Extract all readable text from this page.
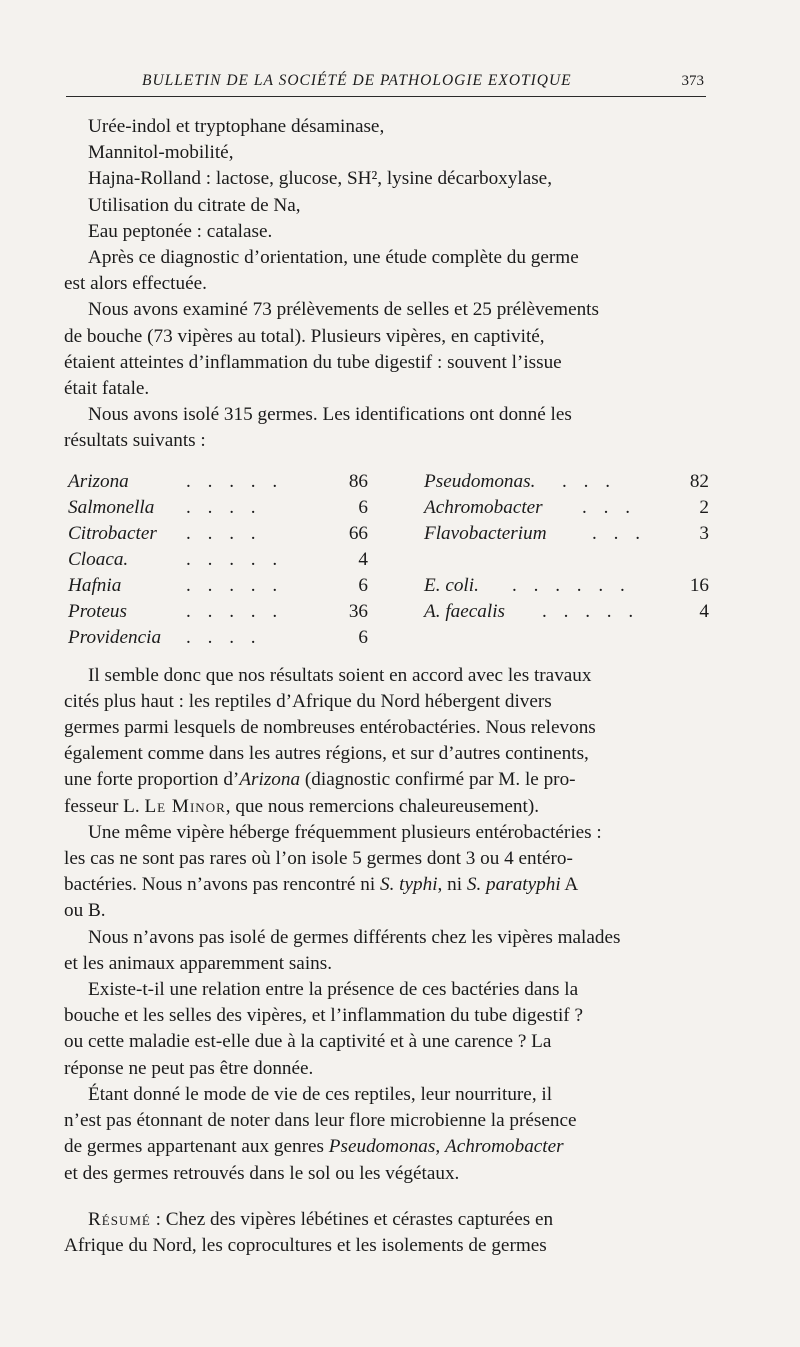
BULLETIN DE LA SOCIÉTÉ DE PATHOLOGIE EXOTIQUE	373

Urée-indol et tryptophane désaminase,

Mannitol-mobilité,

Hajna-Rolland : lactose, glucose, SH², lysine décarboxylase,

Utilisation du citrate de Na,

Eau peptonée : catalase.

Après ce diagnostic d’orientation, une étude complète du germe
est alors effectuée.
Nous avons examiné 73 prélèvements de selles et 25 prélèvements
de bouche (73 vipères au total). Plusieurs vipères, en captivité,
étaient atteintes d’inflammation du tube digestif : souvent l’issue
était fatale.
Nous avons isolé 315 germes. Les identifications ont donné les
résultats suivants :
Arizona	. . . . .	86
Salmonella . . . .	6
Citrobacter . . . .	66
Cloaca.	. . . . .	4
Hafnia	. . . . .	6
Proteus	. . . . .	36
Providencia . . . .	6
Pseudomonas. . . .	82
Achromobacter . . .	2
Flavobacterium . . .	3
E. coli. . . . . . .	16
A. faecalis . . . . .	4
Il semble donc que nos résultats soient en accord avec les travaux
cités plus haut : les reptiles d’Afrique du Nord hébergent divers
germes parmi lesquels de nombreuses entérobactéries. Nous relevons
également comme dans les autres régions, et sur d’autres continents,
une forte proportion d’Arizona (diagnostic confirmé par M. le pro-
fesseur L. Le Minor, que nous remercions chaleureusement).
Une même vipère héberge fréquemment plusieurs entérobactéries :
les cas ne sont pas rares où l’on isole 5 germes dont 3 ou 4 entéro-
bactéries. Nous n’avons pas rencontré ni S. typhi, ni S. paratyphi A
ou B.
Nous n’avons pas isolé de germes différents chez les vipères malades
et les animaux apparemment sains.
Existe-t-il une relation entre la présence de ces bactéries dans la
bouche et les selles des vipères, et l’inflammation du tube digestif ?
ou cette maladie est-elle due à la captivité et à une carence ? La
réponse ne peut pas être donnée.
Étant donné le mode de vie de ces reptiles, leur nourriture, il
n’est pas étonnant de noter dans leur flore microbienne la présence
de germes appartenant aux genres Pseudomonas, Achromobacter
et des germes retrouvés dans le sol ou les végétaux.
Résumé : Chez des vipères lébétines et cérastes capturées en
Afrique du Nord, les coprocultures et les isolements de germes
